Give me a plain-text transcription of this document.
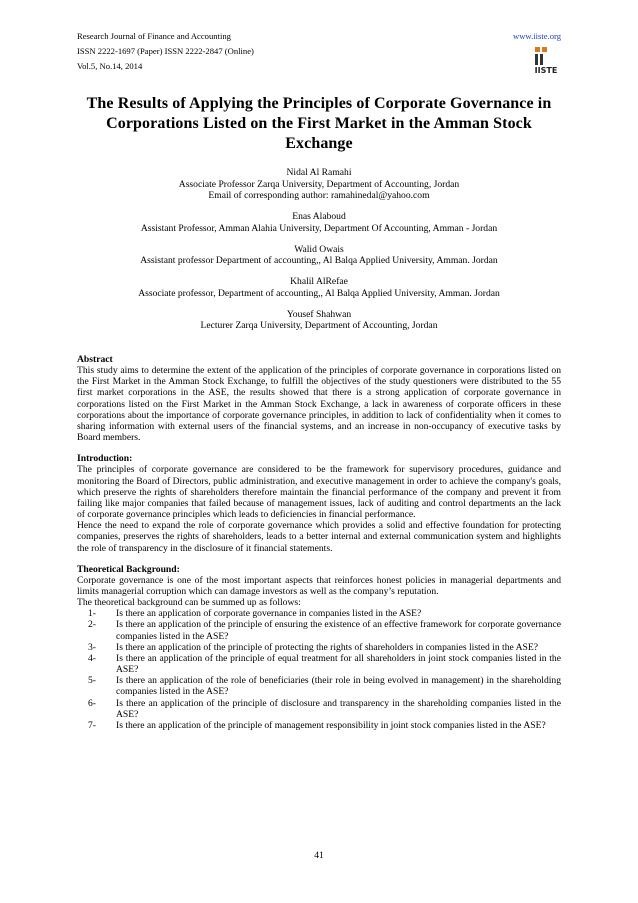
Research Journal of Finance and Accounting
ISSN 2222-1697 (Paper) ISSN 2222-2847 (Online)
Vol.5, No.14, 2014
www.iiste.org
IISTE
The Results of Applying the Principles of Corporate Governance in Corporations Listed on the First Market in the Amman Stock Exchange
Nidal Al Ramahi
Associate Professor Zarqa University, Department of Accounting, Jordan
Email of corresponding author: ramahinedal@yahoo.com
Enas Alaboud
Assistant Professor, Amman Alahia University, Department Of Accounting, Amman - Jordan
Walid Owais
Assistant professor Department of accounting,, Al Balqa Applied University, Amman. Jordan
Khalil AlRefae
Associate professor, Department of accounting,, Al Balqa Applied University, Amman. Jordan
Yousef Shahwan
Lecturer Zarqa University, Department of Accounting, Jordan
Abstract

This study aims to determine the extent of the application of the principles of corporate governance in corporations listed on the First Market in the Amman Stock Exchange, to fulfill the objectives of the study questioners were distributed to the 55 first market corporations in the ASE, the results showed that there is a strong application of corporate governance in corporations listed on the First Market in the Amman Stock Exchange, a lack in awareness of corporate officers in these corporations about the importance of corporate governance principles, in addition to lack of confidentiality when it comes to sharing information with external users of the financial systems, and an increase in non-occupancy of executive tasks by Board members.

Introduction:

The principles of corporate governance are considered to be the framework for supervisory procedures, guidance and monitoring the Board of Directors, public administration, and executive management in order to achieve the company's goals, which preserve the rights of shareholders therefore maintain the financial performance of the company and prevent it from failing like major companies that failed because of management issues, lack of auditing and control departments an the lack of corporate governance principles which leads to deficiencies in financial performance.

Hence the need to expand the role of corporate governance which provides a solid and effective foundation for protecting companies, preserves the rights of shareholders, leads to a better internal and external communication system and highlights the role of transparency in the disclosure of it financial statements.

Theoretical Background:

Corporate governance is one of the most important aspects that reinforces honest policies in managerial departments and limits managerial corruption which can damage investors as well as the company’s reputation.

The theoretical background can be summed up as follows:

1- Is there an application of corporate governance in companies listed in the ASE?
2- Is there an application of the principle of ensuring the existence of an effective framework for corporate governance companies listed in the ASE?
3- Is there an application of the principle of protecting the rights of shareholders in companies listed in the ASE?
4- Is there an application of the principle of equal treatment for all shareholders in joint stock companies listed in the ASE?
5- Is there an application of the role of beneficiaries (their role in being evolved in management) in the shareholding companies listed in the ASE?
6- Is there an application of the principle of disclosure and transparency in the shareholding companies listed in the ASE?
7- Is there an application of the principle of management responsibility in joint stock companies listed in the ASE?
41
